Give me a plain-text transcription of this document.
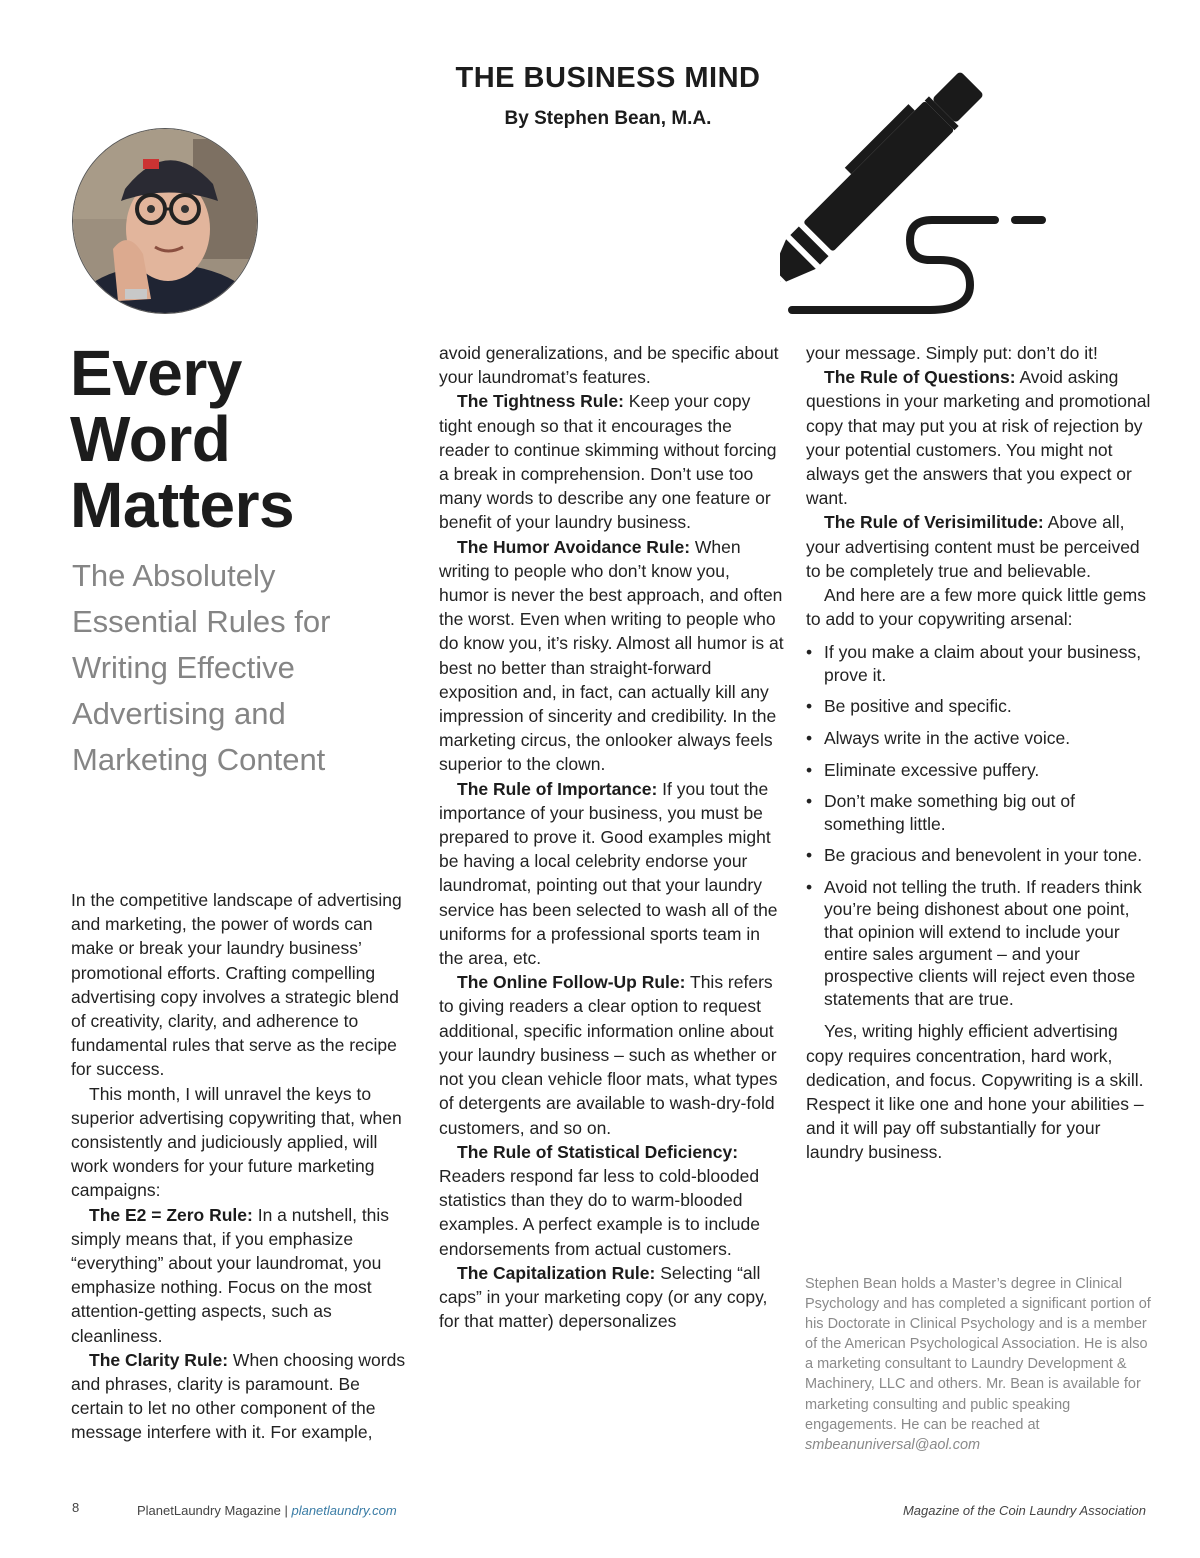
THE BUSINESS MIND
By Stephen Bean, M.A.
Every
Word
Matters
The Absolutely
Essential Rules for
Writing Effective
Advertising and
Marketing Content

In the competitive landscape of advertising and marketing, the power of words can make or break your laundry business’ promotional efforts. Crafting compelling advertising copy involves a strategic blend of creativity, clarity, and adherence to fundamental rules that serve as the recipe for success.

This month, I will unravel the keys to superior advertising copywriting that, when consistently and judiciously applied, will work wonders for your future marketing campaigns:

The E2 = Zero Rule: In a nutshell, this simply means that, if you emphasize “everything” about your laundromat, you emphasize nothing. Focus on the most attention-getting aspects, such as cleanliness.

The Clarity Rule: When choosing words and phrases, clarity is paramount. Be certain to let no other component of the message interfere with it. For example,

avoid generalizations, and be specific about your laundromat’s features.

The Tightness Rule: Keep your copy tight enough so that it encourages the reader to continue skimming without forcing a break in comprehension. Don’t use too many words to describe any one feature or benefit of your laundry business.

The Humor Avoidance Rule: When writing to people who don’t know you, humor is never the best approach, and often the worst. Even when writing to people who do know you, it’s risky. Almost all humor is at best no better than straight-forward exposition and, in fact, can actually kill any impression of sincerity and credibility. In the marketing circus, the onlooker always feels superior to the clown.

The Rule of Importance: If you tout the importance of your business, you must be prepared to prove it. Good examples might be having a local celebrity endorse your laundromat, pointing out that your laundry service has been selected to wash all of the uniforms for a professional sports team in the area, etc.

The Online Follow-Up Rule: This refers to giving readers a clear option to request additional, specific information online about your laundry business – such as whether or not you clean vehicle floor mats, what types of detergents are available to wash-dry-fold customers, and so on.

The Rule of Statistical Deficiency: Readers respond far less to cold-blooded statistics than they do to warm-blooded examples. A perfect example is to include endorsements from actual customers.

The Capitalization Rule: Selecting “all caps” in your marketing copy (or any copy, for that matter) depersonalizes

your message. Simply put: don’t do it!

The Rule of Questions: Avoid asking questions in your marketing and promotional copy that may put you at risk of rejection by your potential customers. You might not always get the answers that you expect or want.

The Rule of Verisimilitude: Above all, your advertising content must be perceived to be completely true and believable.

And here are a few more quick little gems to add to your copywriting arsenal:

• If you make a claim about your business, prove it.
• Be positive and specific.
• Always write in the active voice.
• Eliminate excessive puffery.
• Don’t make something big out of something little.
• Be gracious and benevolent in your tone.
• Avoid not telling the truth. If readers think you’re being dishonest about one point, that opinion will extend to include your entire sales argument – and your prospective clients will reject even those statements that are true.

Yes, writing highly efficient advertising copy requires concentration, hard work, dedication, and focus. Copywriting is a skill. Respect it like one and hone your abilities – and it will pay off substantially for your laundry business.

Stephen Bean holds a Master’s degree in Clinical Psychology and has completed a significant portion of his Doctorate in Clinical Psychology and is a member of the American Psychological Association. He is also a marketing consultant to Laundry Development & Machinery, LLC and others. Mr. Bean is available for marketing consulting and public speaking engagements. He can be reached at smbeanuniversal@aol.com
8	PlanetLaundry Magazine | planetlaundry.com	Magazine of the Coin Laundry Association
